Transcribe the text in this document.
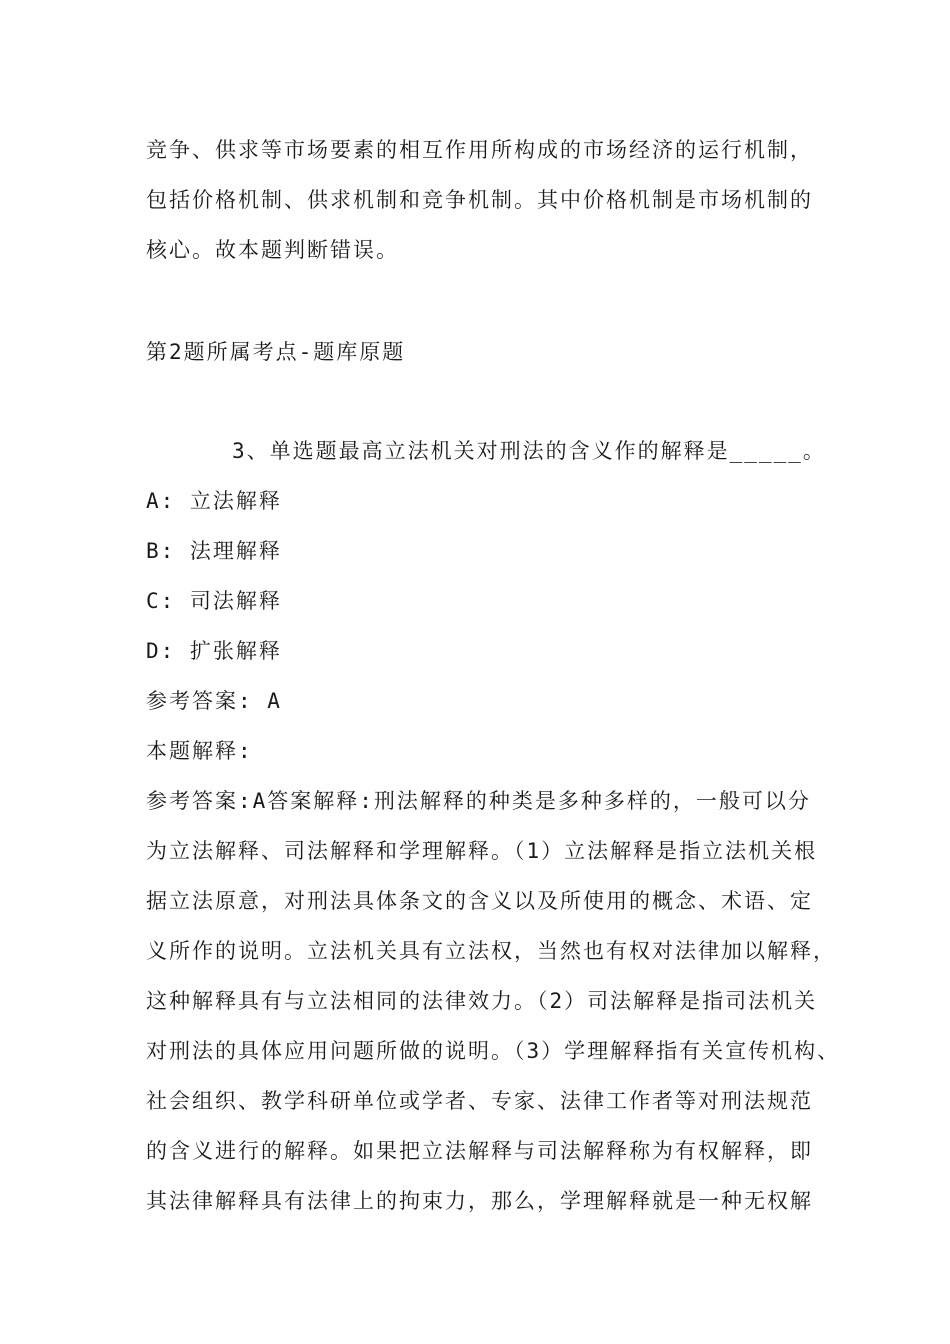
竞争、供求等市场要素的相互作用所构成的市场经济的运行机制，
包括价格机制、供求机制和竞争机制。其中价格机制是市场机制的
核心。故本题判断错误。
第2题所属考点-题库原题
3、单选题最高立法机关对刑法的含义作的解释是_____。
A: 立法解释
B: 法理解释
C: 司法解释
D: 扩张解释
参考答案: A
本题解释:
参考答案:A答案解释:刑法解释的种类是多种多样的，一般可以分
为立法解释、司法解释和学理解释。（1）立法解释是指立法机关根
据立法原意，对刑法具体条文的含义以及所使用的概念、术语、定
义所作的说明。立法机关具有立法权，当然也有权对法律加以解释，
这种解释具有与立法相同的法律效力。（2）司法解释是指司法机关
对刑法的具体应用问题所做的说明。（3）学理解释指有关宣传机构、
社会组织、教学科研单位或学者、专家、法律工作者等对刑法规范
的含义进行的解释。如果把立法解释与司法解释称为有权解释，即
其法律解释具有法律上的拘束力，那么，学理解释就是一种无权解
